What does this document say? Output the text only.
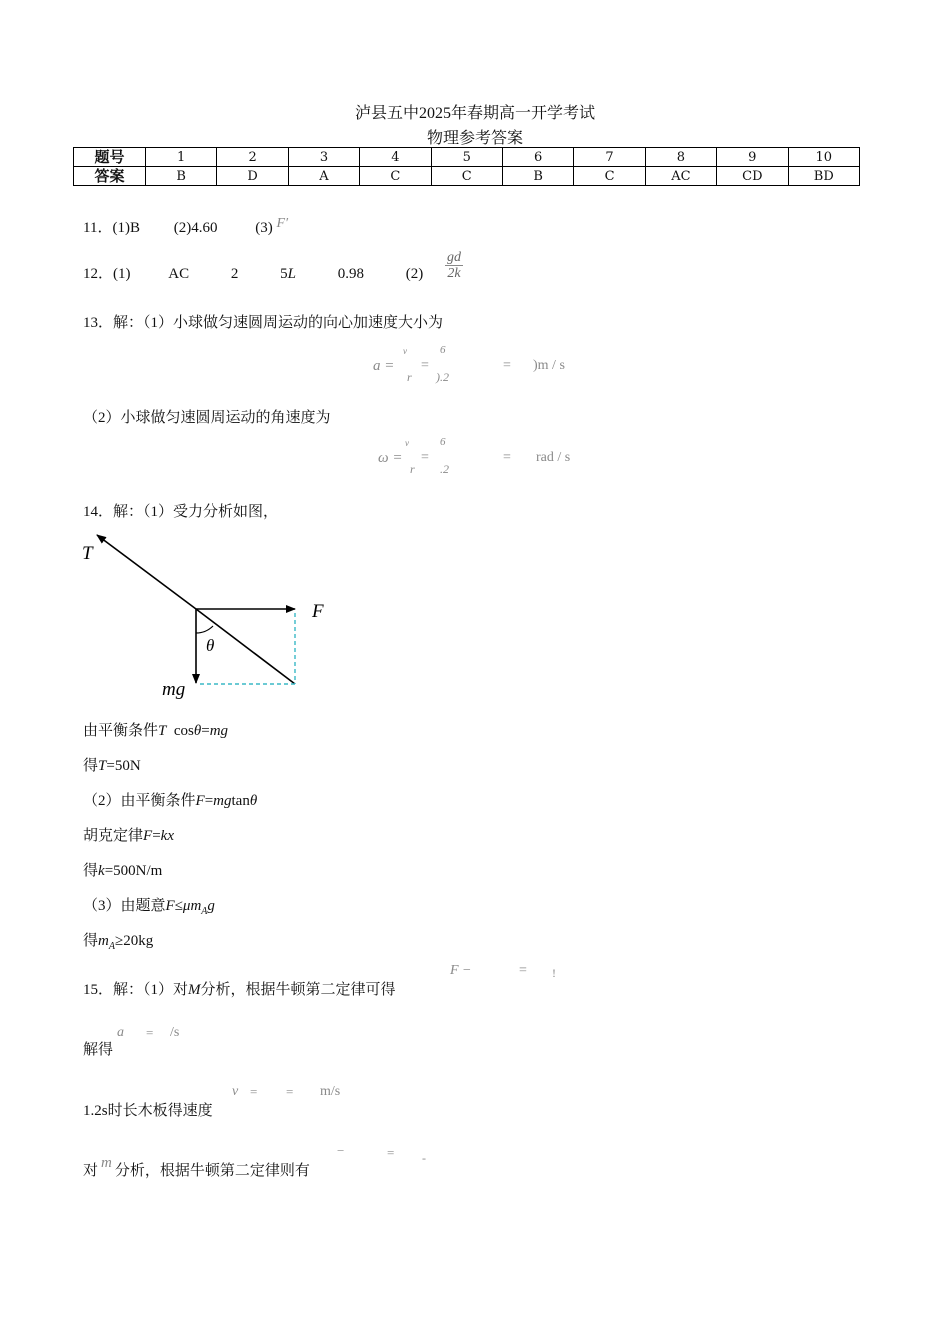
泸县五中2025年春期高一开学考试
物理参考答案
题号	1	2	3	4	5	6	7	8	9	10
答案	B	D	A	C	C	B	C	AC	CD	BD
11．(1)B (2)4.60	(3) F′
12．(1)	AC	2	5L	0.98	$(2) \frac{gd}{2k}$
13．解：（1）小球做匀速圆周运动的向心加速度大小为
a =
v
r
=
6
).2
= )m / s
（2）小球做匀速圆周运动的角速度为
ω =
v
r
=
6
.2
= rad / s
14．解：（1）受力分析如图，
T
F
θ
mg
由平衡条件T cosθ=mg
得T=50N
（2）由平衡条件F=mgtanθ
胡克定律F=kx
得k=500N/m
（3）由题意$F\le\mu m_Ag$
得$m_A\ge 20kg$
15．解：（1）对M分析，根据牛顿第二定律可得
F −	= !
解得
a = /s
1.2s时长木板得速度
v = = m/s
对 m 分析，根据牛顿第二定律则有
−	= -
